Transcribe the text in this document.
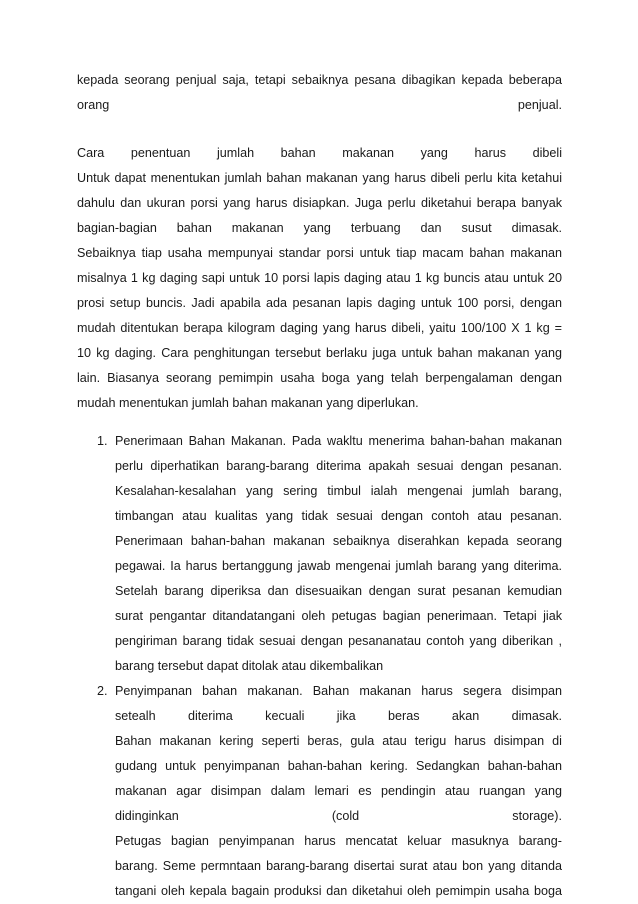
kepada seorang penjual saja, tetapi sebaiknya pesana dibagikan kepada beberapa
orang	penjual.
Cara penentuan jumlah bahan makanan yang harus dibeli
Untuk dapat menentukan jumlah bahan makanan yang harus dibeli perlu kita ketahui
dahulu dan ukuran porsi yang harus disiapkan. Juga perlu diketahui berapa banyak
bagian-bagian bahan makanan yang terbuang dan susut dimasak.
Sebaiknya tiap usaha mempunyai standar porsi untuk tiap macam bahan makanan
misalnya 1 kg daging sapi untuk 10 porsi lapis daging atau 1 kg buncis atau untuk 20
prosi setup buncis. Jadi apabila ada pesanan lapis daging untuk 100 porsi, dengan
mudah ditentukan berapa kilogram daging yang harus dibeli, yaitu 100/100 X 1 kg =
10 kg daging. Cara penghitungan tersebut berlaku juga untuk bahan makanan yang
lain. Biasanya seorang pemimpin usaha boga yang telah berpengalaman dengan
mudah menentukan jumlah bahan makanan yang diperlukan.
1. Penerimaan Bahan Makanan. Pada wakltu menerima bahan-bahan makanan
perlu diperhatikan barang-barang diterima apakah sesuai dengan pesanan.
Kesalahan-kesalahan yang sering timbul ialah mengenai jumlah barang,
timbangan atau kualitas yang tidak sesuai dengan contoh atau pesanan.
Penerimaan bahan-bahan makanan sebaiknya diserahkan kepada seorang
pegawai. Ia harus bertanggung jawab mengenai jumlah barang yang diterima.
Setelah barang diperiksa dan disesuaikan dengan surat pesanan kemudian
surat pengantar ditandatangani oleh petugas bagian penerimaan. Tetapi jiak
pengiriman barang tidak sesuai dengan pesananatau contoh yang diberikan ,
barang tersebut dapat ditolak atau dikembalikan
2. Penyimpanan bahan makanan. Bahan makanan harus segera disimpan
setealh diterima kecuali jika beras akan dimasak.
Bahan makanan kering seperti beras, gula atau terigu harus disimpan di
gudang untuk penyimpanan bahan-bahan kering. Sedangkan bahan-bahan
makanan agar disimpan dalam lemari es pendingin atau ruangan yang
didinginkan (cold storage).
Petugas bagian penyimpanan harus mencatat keluar masuknya barang-
barang. Seme permntaan barang-barang disertai surat atau bon yang ditanda
tangani oleh kepala bagain produksi dan diketahui oleh pemimpin usaha boga
